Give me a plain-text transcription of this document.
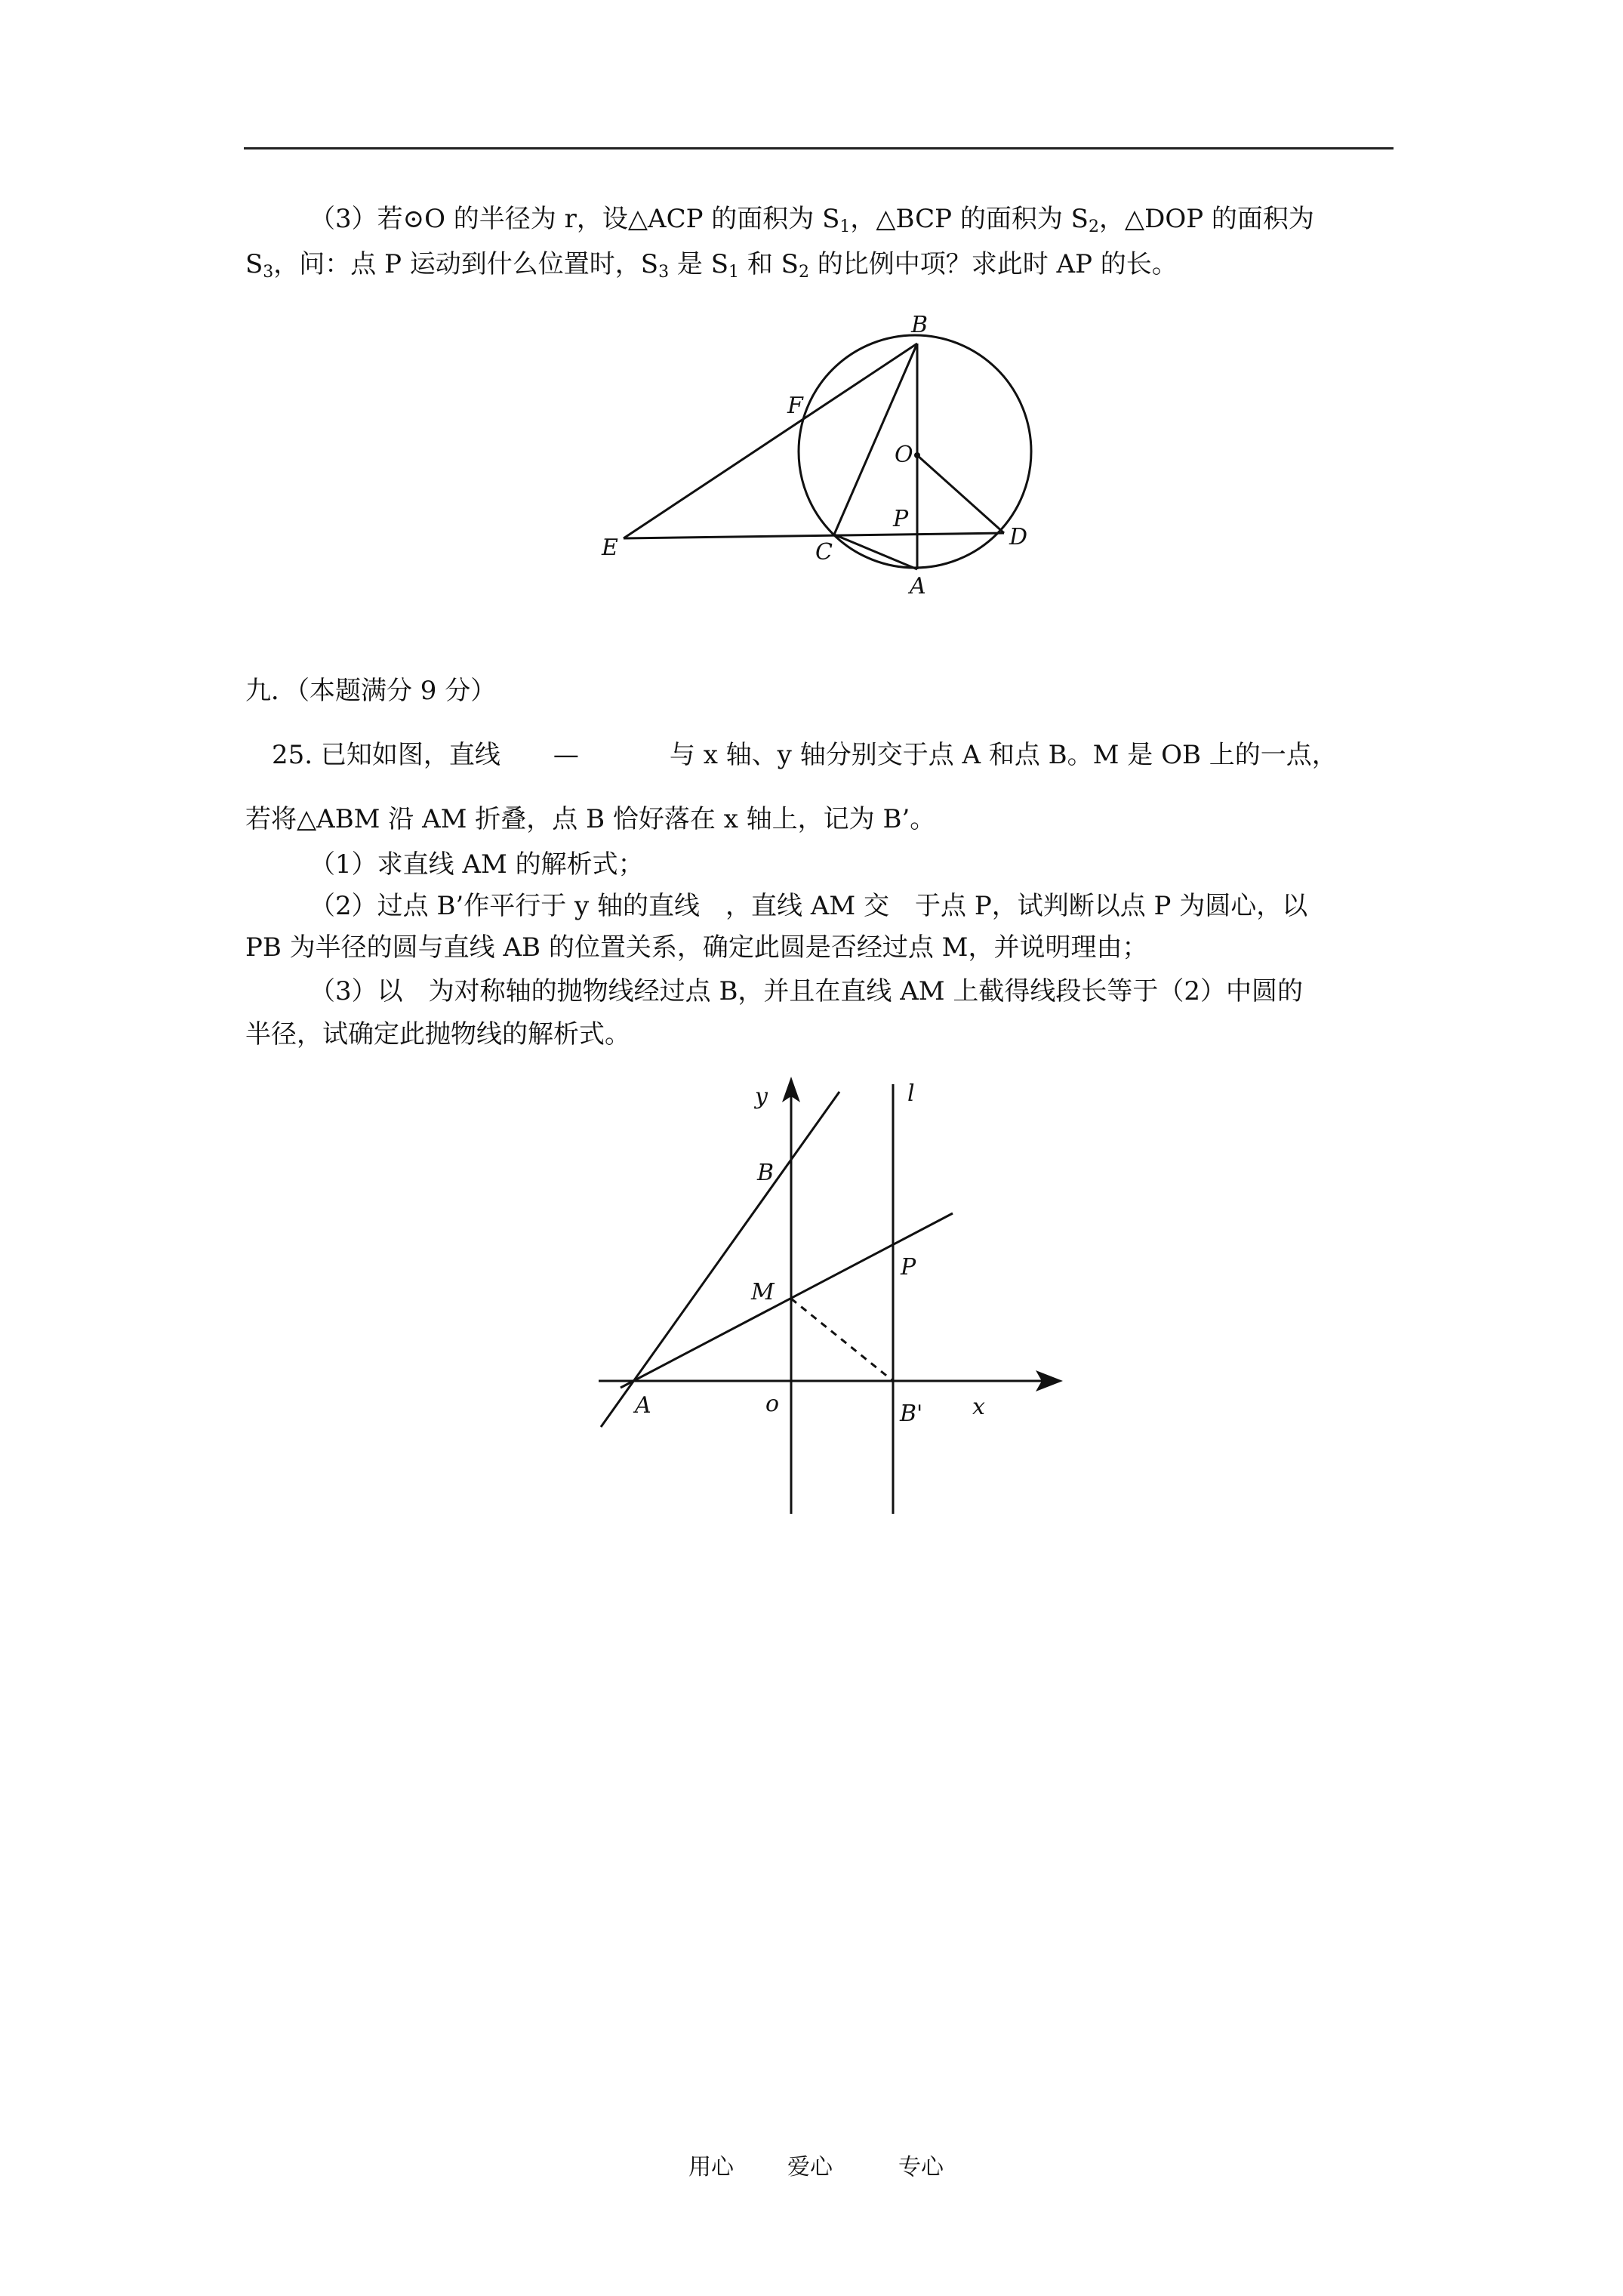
（3）若⊙O 的半径为 r，设△ACP 的面积为 $S_1$，△BCP 的面积为 $S_2$，△DOP 的面积为
$S_3$，问：点 P 运动到什么位置时，$S_3$ 是 $S_1$ 和 $S_2$ 的比例中项？求此时 AP 的长。
B
F
O
P
E	C
D
A
九．（本题满分 9 分）
25. 已知如图，直线 —	与 x 轴、y 轴分别交于点 A 和点 B。M 是 OB 上的一点，
若将△ABM 沿 AM 折叠，点 B 恰好落在 x 轴上，记为 B’。
（1）求直线 AM 的解析式；
（2）过点 B’作平行于 y 轴的直线　，直线 AM 交　于点 P，试判断以点 P 为圆心，以
PB 为半径的圆与直线 AB 的位置关系，确定此圆是否经过点 M，并说明理由；
（3）以　为对称轴的抛物线经过点 B，并且在直线 AM 上截得线段长等于（2）中圆的
半径，试确定此抛物线的解析式。
y	l
B
P
M
A	o	B' x
用心 爱心	专心
